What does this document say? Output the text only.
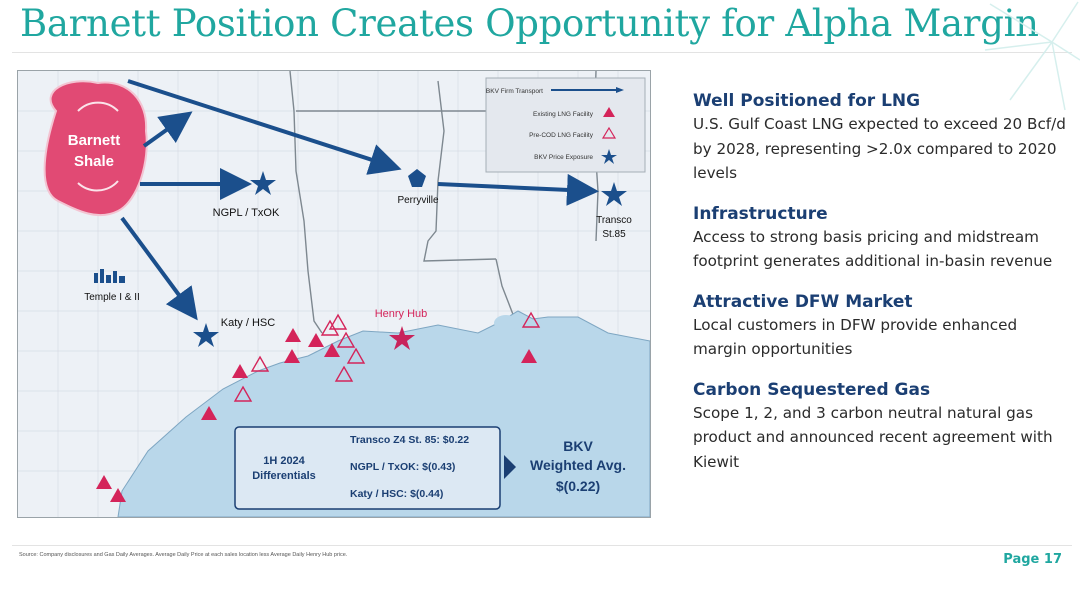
Barnett Position Creates Opportunity for Alpha Margin
Barnett
Shale
Perryville
NGPL / TxOK
Katy / HSC
Transco
St.85
Henry Hub
Temple I & II
BKV Firm Transport
Existing LNG Facility
Pre-COD LNG Facility
BKV Price Exposure
1H 2024
Differentials
Transco Z4 St. 85: $0.22
NGPL / TxOK: $(0.43)
Katy / HSC: $(0.44)
BKV
Weighted Avg.
$(0.22)
Well Positioned for LNG

U.S. Gulf Coast LNG expected to exceed 20 Bcf/d by 2028, representing >2.0x compared to 2020 levels

Infrastructure

Access to strong basis pricing and midstream footprint generates additional in-basin revenue

Attractive DFW Market

Local customers in DFW provide enhanced margin opportunities

Carbon Sequestered Gas

Scope 1, 2, and 3 carbon neutral natural gas product and announced recent agreement with Kiewit

Source: Company disclosures and Gas Daily Averages. Average Daily Price at each sales location less Average Daily Henry Hub price.	Page 17
